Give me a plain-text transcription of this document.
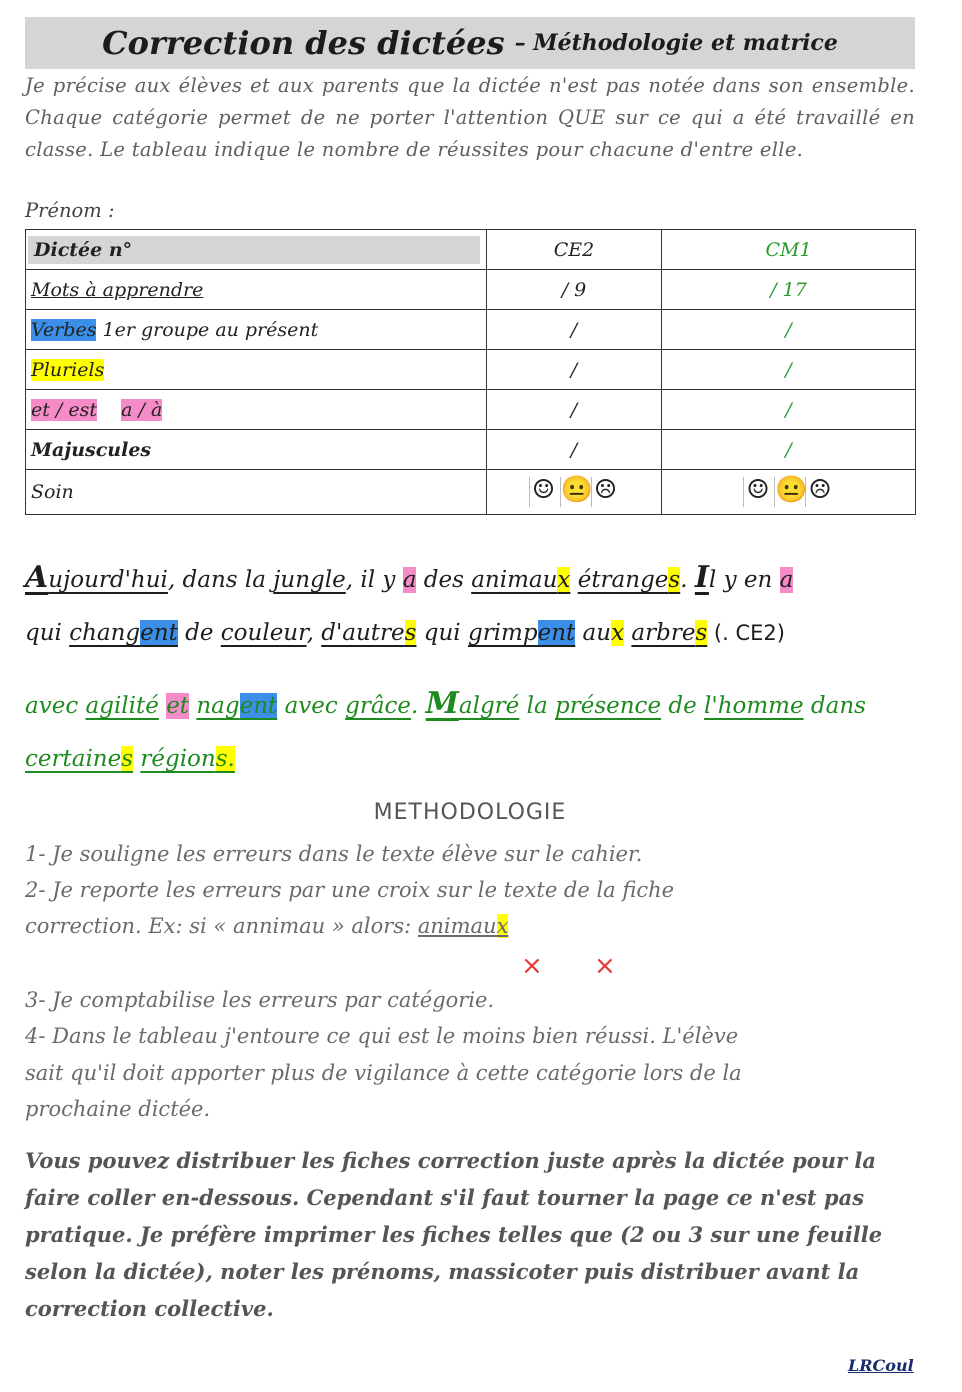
Correction des dictées – Méthodologie et matrice
Je précise aux élèves et aux parents que la dictée n'est pas notée dans son ensemble. Chaque catégorie permet de ne porter l'attention QUE sur ce qui a été travaillé en classe. Le tableau indique le nombre de réussites pour chacune d'entre elle.
Prénom :
Dictée n°	CE2	CM1
Mots à apprendre	/ 9	/ 17
Verbes 1er groupe au présent	/	/
Pluriels	/	/
et / est a / à	/	/
Majuscules	/	/
Soin	☺ 😐 ☹	☺ 😐 ☹
Aujourd'hui, dans la jungle, il y a des animaux étranges. Il y en a
qui changent de couleur, d'autres qui grimpent aux arbres (. CE2)
avec agilité et nagent avec grâce. Malgré la présence de l'homme dans
certaines régions.
METHODOLOGIE
1- Je souligne les erreurs dans le texte élève sur le cahier.
2- Je reporte les erreurs par une croix sur le texte de la fiche
correction. Ex: si « annimau » alors: animaux
× ×
3- Je comptabilise les erreurs par catégorie.
4- Dans le tableau j'entoure ce qui est le moins bien réussi. L'élève
sait qu'il doit apporter plus de vigilance à cette catégorie lors de la
prochaine dictée.
Vous pouvez distribuer les fiches correction juste après la dictée pour la faire coller en-dessous. Cependant s'il faut tourner la page ce n'est pas pratique. Je préfère imprimer les fiches telles que (2 ou 3 sur une feuille selon la dictée), noter les prénoms, massicoter puis distribuer avant la correction collective.
LRCoul
